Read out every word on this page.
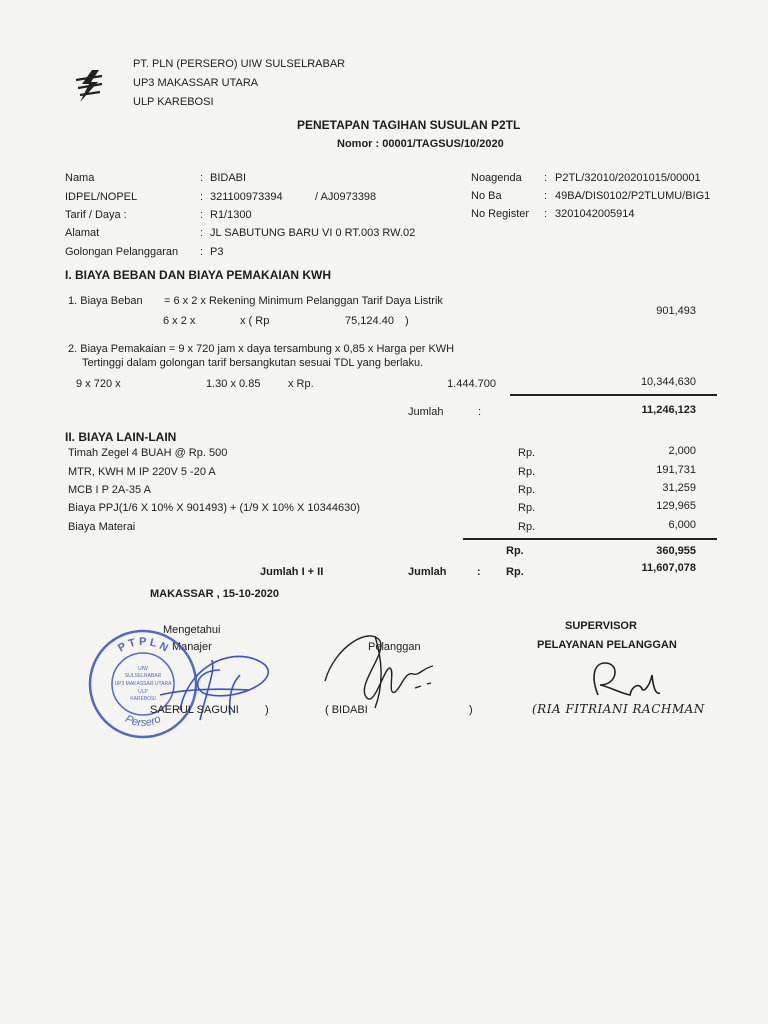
PT. PLN (PERSERO) UIW SULSELRABAR
UP3 MAKASSAR UTARA
ULP KAREBOSI
PENETAPAN TAGIHAN SUSULAN P2TL
Nomor : 00001/TAGSUS/10/2020
Nama	: BIDABI
IDPEL/NOPEL	: 321100973394	/ AJ0973398
Tarif / Daya :	: R1/1300
Alamat	: JL SABUTUNG BARU VI 0 RT.003 RW.02
Golongan Pelanggaran : P3
Noagenda : P2TL/32010/20201015/00001
No Ba	: 49BA/DIS0102/P2TLUMU/BIG1
No Register : 3201042005914
I. BIAYA BEBAN DAN BIAYA PEMAKAIAN KWH
1. Biaya Beban = 6 x 2 x Rekening Minimum Pelanggan Tarif Daya Listrik
6 x 2 x	x ( Rp	75,124.40 )
901,493
2. Biaya Pemakaian = 9 x 720 jam x daya tersambung x 0,85 x Harga per KWH
Tertinggi dalam golongan tarif bersangkutan sesuai TDL yang berlaku.
9 x 720 x	1.30 x 0.85	x Rp.	1.444.700	10,344,630
Jumlah	:	11,246,123
II. BIAYA LAIN-LAIN
Timah Zegel 4 BUAH @ Rp. 500	Rp.	2,000
MTR, KWH M IP 220V 5 -20 A	Rp.	191,731
MCB I P 2A-35 A	Rp.	31,259
Biaya PPJ(1/6 X 10% X 901493) + (1/9 X 10% X 10344630)	Rp.	129,965
Biaya Materai	Rp.	6,000
Rp.	360,955
Jumlah I + II	Jumlah	: Rp.	11,607,078
MAKASSAR , 15-10-2020
Mengetahui
Manajer	Pelanggan
SUPERVISOR
PELAYANAN PELANGGAN
P T P L N
Persero
UIW
SULSELRABAR
UP3 MAKASSAR UTARA
ULP
KAREBOSI
SAERUL SAGUNI )	( BIDABI	)	(RIA FITRIANI RACHMAN
